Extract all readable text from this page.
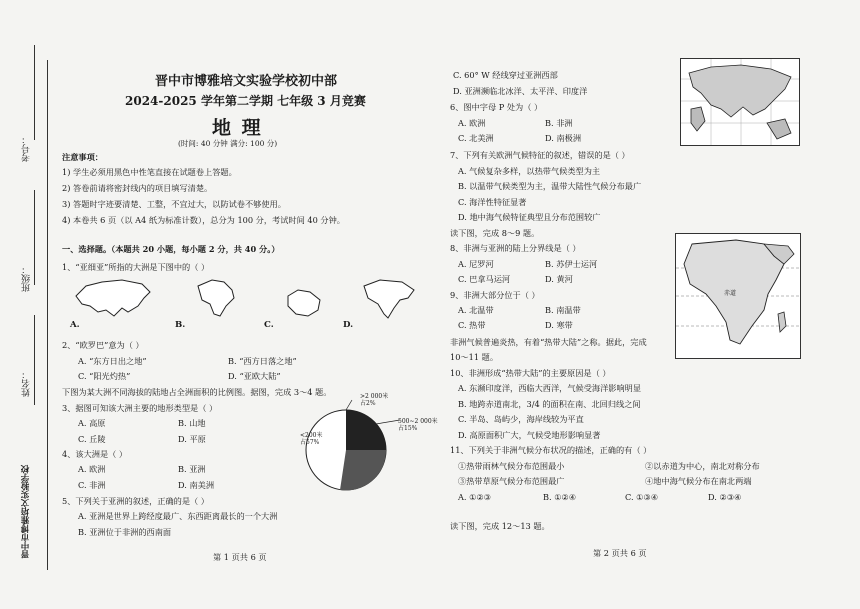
考号：
班级：
姓名：
晋中市博雅培文实验学校
晋中市博雅培文实验学校初中部
2024-2025 学年第二学期 七年级 3 月竞赛
地 理
(时间: 40 分钟 满分: 100 分)
注意事项：
1) 学生必须用黑色中性笔直接在试题卷上答题。
2) 答卷前请将密封线内的项目填写清楚。
3) 答题时字迹要清楚、工整，不宜过大，以防试卷不够使用。
4) 本卷共 6 页（以 A4 纸为标准计数），总分为 100 分，考试时间 40 分钟。
一、选择题。（本题共 20 小题，每小题 2 分，共 40 分。）
1、“亚细亚”所指的大洲是下图中的（ ）
A.	B.	C.	D.
2、“欧罗巴”意为（ ）
A. “东方日出之地”	B. “西方日落之地”
C. “阳光灼热”	D. “亚欧大陆”
下图为某大洲不同海拔的陆地占全洲面积的比例图。据图，完成 3～4 题。
3、据图可知该大洲主要的地形类型是（ ）
A. 高原	B. 山地
C. 丘陵	D. 平原
4、该大洲是（ ）
A. 欧洲	B. 亚洲
C. 非洲	D. 南美洲
5、下列关于亚洲的叙述，正确的是（ ）
A. 亚洲是世界上跨经度最广、东西距离最长的一个大洲
B. 亚洲位于非洲的西南面
>2 000米
占2%
500~2 000米
占15%
<200米
占57%
第 1 页共 6 页
C. 60° W 经线穿过亚洲西部
D. 亚洲濒临北冰洋、太平洋、印度洋
6、图中字母 P 处为（ ）
A. 欧洲	B. 非洲
C. 北美洲	D. 南极洲
7、下列有关欧洲气候特征的叙述，错误的是（ ）
A. 气候复杂多样，以热带气候类型为主
B. 以温带气候类型为主，温带大陆性气候分布最广
C. 海洋性特征显著
D. 地中海气候特征典型且分布范围较广
读下图，完成 8～9 题。
8、非洲与亚洲的陆上分界线是（ ）
A. 尼罗河	B. 苏伊士运河
C. 巴拿马运河	D. 黄河
9、非洲大部分位于（ ）
A. 北温带	B. 南温带
C. 热带	D. 寒带
赤道
非洲气候普遍炎热，有着“热带大陆”之称。据此，完成
10～11 题。
10、非洲形成“热带大陆”的主要原因是（ ）
A. 东濒印度洋，西临大西洋，气候受海洋影响明显
B. 地跨赤道南北，3/4 的面积在南、北回归线之间
C. 半岛、岛屿少，海岸线较为平直
D. 高原面积广大，气候受地形影响显著
11、下列关于非洲气候分布状况的描述，正确的有（ ）
①热带雨林气候分布范围最小	②以赤道为中心，南北对称分布
③热带草原气候分布范围最广	④地中海气候分布在南北两端
A. ①②③	B. ①②④	C. ①③④	D. ②③④
读下图，完成 12～13 题。
第 2 页共 6 页
